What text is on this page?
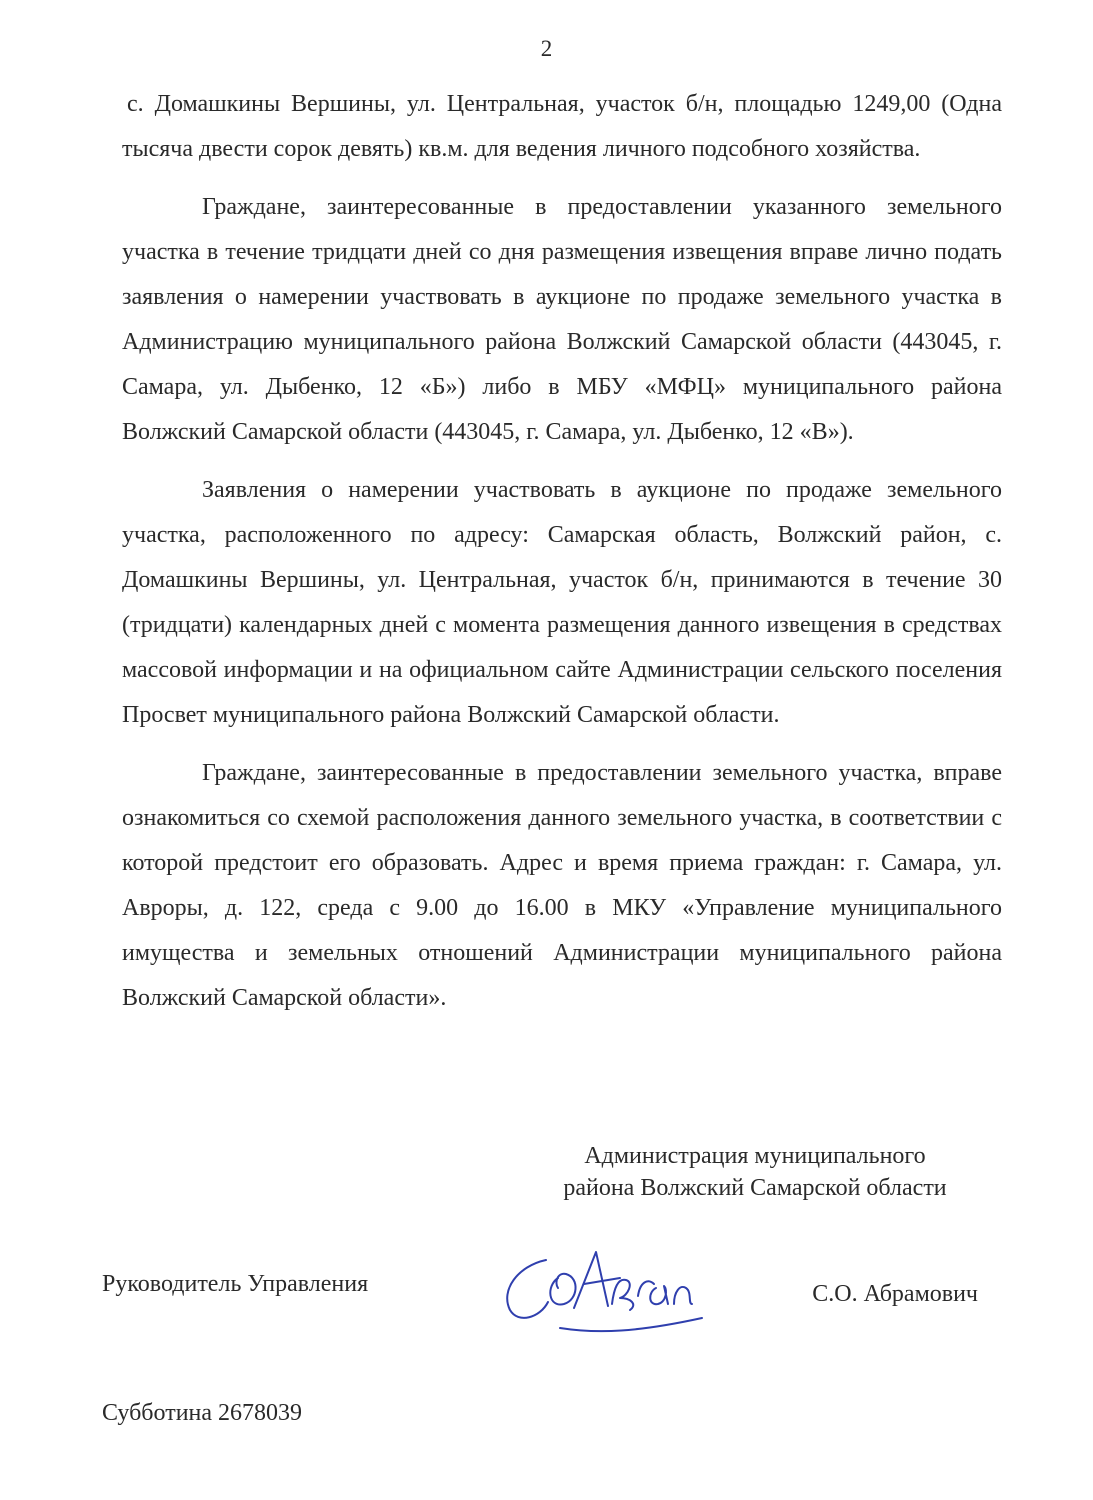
2

с. Домашкины Вершины, ул. Центральная, участок б/н, площадью 1249,00 (Одна тысяча двести сорок девять) кв.м. для ведения личного подсобного хозяйства.

Граждане, заинтересованные в предоставлении указанного земельного участка в течение тридцати дней со дня размещения извещения вправе лично подать заявления о намерении участвовать в аукционе по продаже земельного участка в Администрацию муниципального района Волжский Самарской области (443045, г. Самара, ул. Дыбенко, 12 «Б») либо в МБУ «МФЦ» муниципального района Волжский Самарской области (443045, г. Самара, ул. Дыбенко, 12 «В»).

Заявления о намерении участвовать в аукционе по продаже земельного участка, расположенного по адресу: Самарская область, Волжский район, с. Домашкины Вершины, ул. Центральная, участок б/н, принимаются в течение 30 (тридцати) календарных дней с момента размещения данного извещения в средствах массовой информации и на официальном сайте Администрации сельского поселения Просвет муниципального района Волжский Самарской области.

Граждане, заинтересованные в предоставлении земельного участка, вправе ознакомиться со схемой расположения данного земельного участка, в соответствии с которой предстоит его образовать. Адрес и время приема граждан: г. Самара, ул. Авроры, д. 122, среда с 9.00 до 16.00 в МКУ «Управление муниципального имущества и земельных отношений Администрации муниципального района Волжский Самарской области».

Администрация муниципального
района Волжский Самарской области
Руководитель Управления	С.О. Абрамович
Субботина 2678039
